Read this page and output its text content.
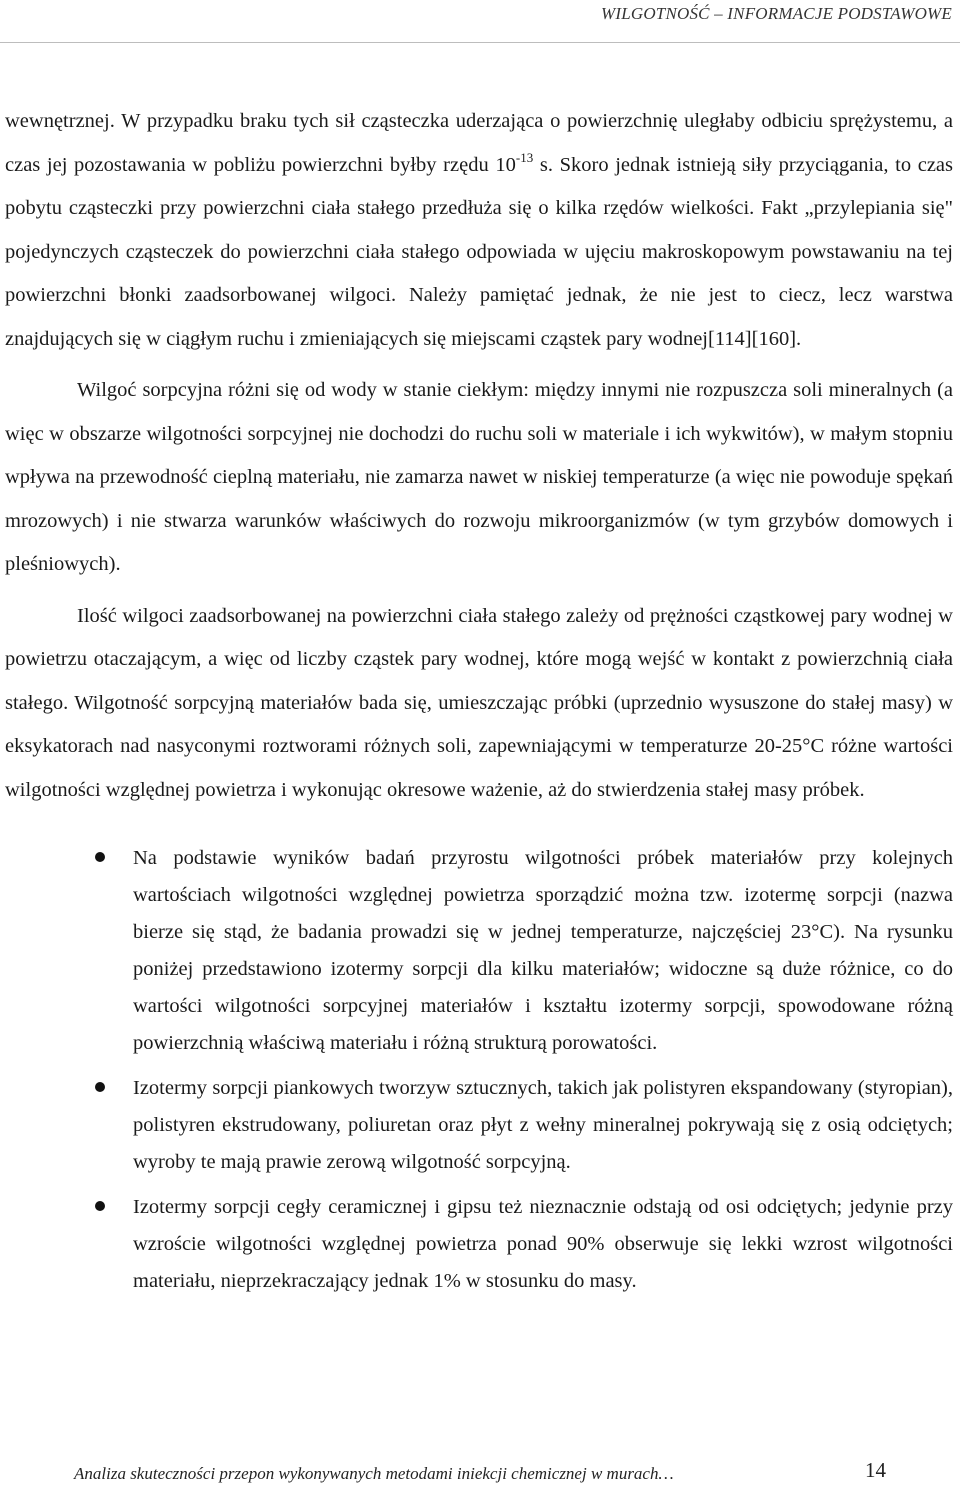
WILGOTNOŚĆ – INFORMACJE PODSTAWOWE

wewnętrznej. W przypadku braku tych sił cząsteczka uderzająca o powierzchnię uległaby odbiciu sprężystemu, a czas jej pozostawania w pobliżu powierzchni byłby rzędu $10^{-13}$ s. Skoro jednak istnieją siły przyciągania, to czas pobytu cząsteczki przy powierzchni ciała stałego przedłuża się o kilka rzędów wielkości. Fakt „przylepiania się" pojedynczych cząsteczek do powierzchni ciała stałego odpowiada w ujęciu makroskopowym powstawaniu na tej powierzchni błonki zaadsorbowanej wilgoci. Należy pamiętać jednak, że nie jest to ciecz, lecz warstwa znajdujących się w ciągłym ruchu i zmieniających się miejscami cząstek pary wodnej[114][160].

Wilgoć sorpcyjna różni się od wody w stanie ciekłym: między innymi nie rozpuszcza soli mineralnych (a więc w obszarze wilgotności sorpcyjnej nie dochodzi do ruchu soli w materiale i ich wykwitów), w małym stopniu wpływa na przewodność cieplną materiału, nie zamarza nawet w niskiej temperaturze (a więc nie powoduje spękań mrozowych) i nie stwarza warunków właściwych do rozwoju mikroorganizmów (w tym grzybów domowych i pleśniowych).

Ilość wilgoci zaadsorbowanej na powierzchni ciała stałego zależy od prężności cząstkowej pary wodnej w powietrzu otaczającym, a więc od liczby cząstek pary wodnej, które mogą wejść w kontakt z powierzchnią ciała stałego. Wilgotność sorpcyjną materiałów bada się, umieszczając próbki (uprzednio wysuszone do stałej masy) w eksykatorach nad nasyconymi roztworami różnych soli, zapewniającymi w temperaturze 20-25°C różne wartości wilgotności względnej powietrza i wykonując okresowe ważenie, aż do stwierdzenia stałej masy próbek.

Na podstawie wyników badań przyrostu wilgotności próbek materiałów przy kolejnych wartościach wilgotności względnej powietrza sporządzić można tzw. izotermę sorpcji (nazwa bierze się stąd, że badania prowadzi się w jednej temperaturze, najczęściej 23°C). Na rysunku poniżej przedstawiono izotermy sorpcji dla kilku materiałów; widoczne są duże różnice, co do wartości wilgotności sorpcyjnej materiałów i kształtu izotermy sorpcji, spowodowane różną powierzchnią właściwą materiału i różną strukturą porowatości.
Izotermy sorpcji piankowych tworzyw sztucznych, takich jak polistyren ekspandowany (styropian), polistyren ekstrudowany, poliuretan oraz płyt z wełny mineralnej pokrywają się z osią odciętych; wyroby te mają prawie zerową wilgotność sorpcyjną.
Izotermy sorpcji cegły ceramicznej i gipsu też nieznacznie odstają od osi odciętych; jedynie przy wzroście wilgotności względnej powietrza ponad 90% obserwuje się lekki wzrost wilgotności materiału, nieprzekraczający jednak 1% w stosunku do masy.
Analiza skuteczności przepon wykonywanych metodami iniekcji chemicznej w murach…	14
